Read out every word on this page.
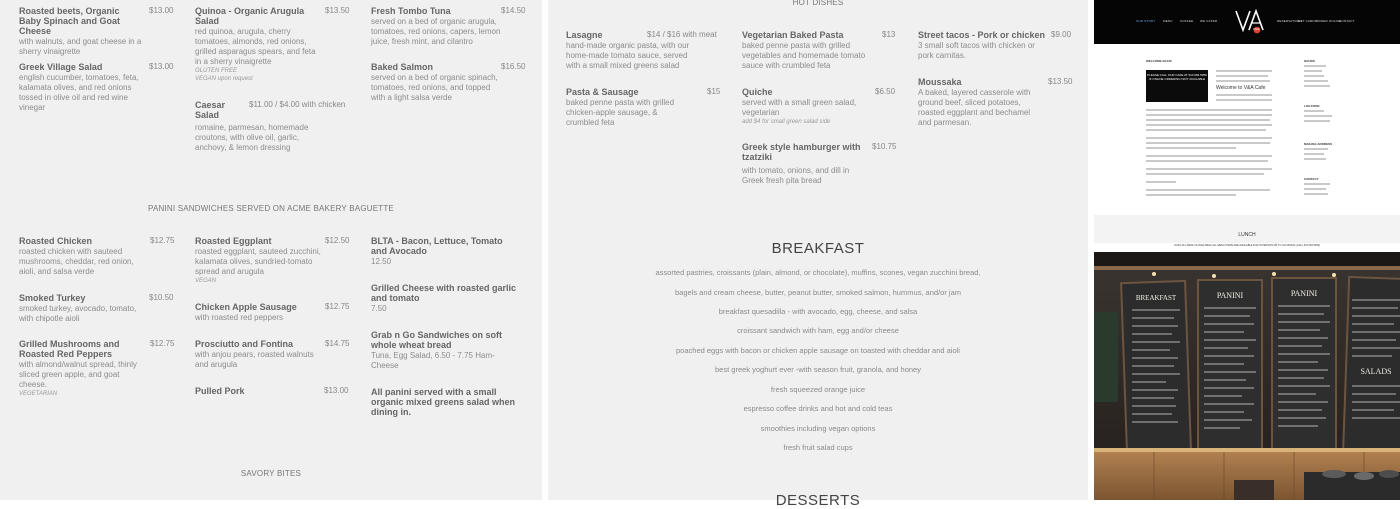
Roasted beets, Organic Baby Spinach and Goat Cheese
$13.00
with walnuts, and goat cheese in a sherry vinaigrette
Greek Village Salad	$13.00
english cucumber, tomatoes, feta, kalamata olives, and red onions tossed in olive oil and red wine vinegar
Quinoa - Organic Arugula Salad
$13.50
red quinoa, arugula, cherry tomatoes, almonds, red onions, grilled asparagus spears, and feta in a sherry vinaigrette
GLUTEN FREE
VEGAN upon request
Caesar Salad
$11.00 / $4.00 with chicken
romaine, parmesan, homemade croutons, with olive oil, garlic, anchovy, & lemon dressing
Fresh Tombo Tuna	$14.50
served on a bed of organic arugula, tomatoes, red onions, capers, lemon juice, fresh mint, and cilantro
Baked Salmon	$16.50
served on a bed of organic spinach, tomatoes, red onions, and topped with a light salsa verde
PANINI SANDWICHES SERVED ON ACME BAKERY BAGUETTE
Roasted Chicken	$12.75
roasted chicken with sauteed mushrooms, cheddar, red onion, aioli, and salsa verde
Smoked Turkey	$10.50
smoked turkey, avocado, tomato, with chipotle aioli
Grilled Mushrooms and Roasted Red Peppers
$12.75
with almond/walnut spread, thinly sliced green apple, and goat cheese.
VEGETARIAN
Roasted Eggplant	$12.50
roasted eggplant, sauteed zucchini, kalamata olives, sundried-tomato spread and arugula
VEGAN
Chicken Apple Sausage	$12.75
with roasted red peppers
Prosciutto and Fontina	$14.75
with anjou pears, roasted walnuts and arugula
Pulled Pork	$13.00
BLTA - Bacon, Lettuce, Tomato and Avocado
12.50
Grilled Cheese with roasted garlic and tomato
7.50
Grab n Go Sandwiches on soft whole wheat bread
Tuna, Egg Salad, 6.50 - 7.75 Ham-Cheese
All panini served with a small organic mixed greens salad when dining in.
SAVORY BITES
HOT DISHES
Lasagne	$14 / $16 with meat
hand-made organic pasta, with our home-made tomato sauce, served with a small mixed greens salad
Pasta & Sausage	$15
baked penne pasta with grilled chicken-apple sausage, & crumbled feta
Vegetarian Baked Pasta	$13
baked penne pasta with grilled vegetables and homemade tomato sauce with crumbled feta
Quiche	$6.50
served with a small green salad, vegetarian
add $4 for small green salad side
Greek style hamburger with tzatziki
$10.75
with tomato, onions, and dill in Greek fresh pita bread
Street tacos - Pork or chicken $9.00
3 small soft tacos with chicken or pork carnitas.
Moussaka	$13.50
A baked, layered casserole with ground beef, sliced potatoes, roasted eggplant and bechamel and parmesan.
BREAKFAST
assorted pastries, croissants (plain, almond, or chocolate), muffins, scones, vegan zucchini bread,
bagels and cream cheese, butter, peanut butter, smoked salmon, hummus, and/or jam
breakfast quesadilla - with avocado, egg, cheese, and salsa
croissant sandwich with ham, egg and/or cheese
poached eggs with bacon or chicken apple sausage on toasted with cheddar and aioli
best greek yoghurt ever -with season fruit, granola, and honey
fresh squeezed orange juice
espresso coffee drinks and hot and cold teas
smoothies including vegan options
fresh fruit salad cups
DESSERTS
OUR STORY MENU COFFEE WE CATER
CAFE
RESERVATIONS
GIFT CARDS
ORDER ONLINE
CONTACT
WELCOME BACK!
PLEASE CALL OUR CAFE AT 510 684 5056 IF ONLINE ORDERING ISN'T AVAILABLE
Welcome to V&A Cafe
HOURS
LOCATION
MAILING ADDRESS
CONTACT
LUNCH
OUR FULL MENU IS AVAILABLE! ALL MENU ITEMS ARE AVAILABLE FOR IN PERSON OR TO GO DINING (CALL 510 684 5056)
BREAKFAST	PANINI	PANINI
SALADS
